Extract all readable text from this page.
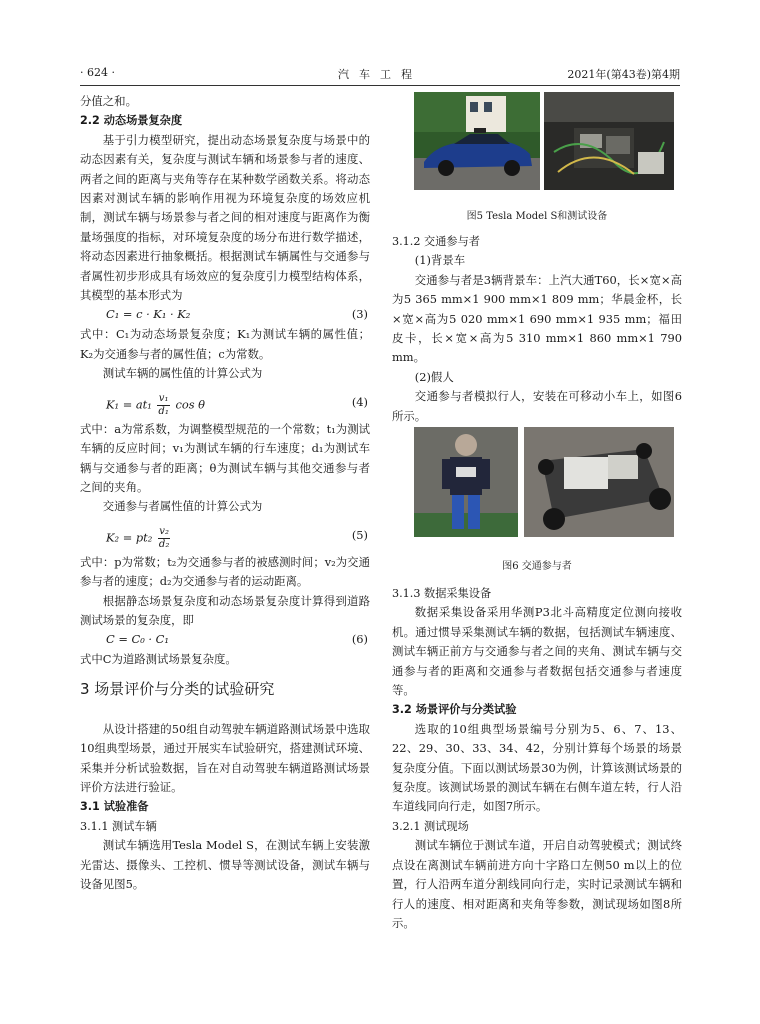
· 624 ·	汽车工程	2021年(第43卷)第4期
分值之和。
2.2 动态场景复杂度
基于引力模型研究，提出动态场景复杂度与场景中的动态因素有关，复杂度与测试车辆和场景参与者的速度、两者之间的距离与夹角等存在某种数学函数关系。将动态因素对测试车辆的影响作用视为环境复杂度的场效应机制，测试车辆与场景参与者之间的相对速度与距离作为衡量场强度的指标，对环境复杂度的场分布进行数学描述，将动态因素进行抽象概括。根据测试车辆属性与交通参与者属性初步形成具有场效应的复杂度引力模型结构体系，其模型的基本形式为
C₁ = c · K₁ · K₂	(3)
式中：C₁为动态场景复杂度；K₁为测试车辆的属性值；K₂为交通参与者的属性值；c为常数。
测试车辆的属性值的计算公式为
$K_1 = at_1 \frac{\text{v₁}}{\text{d₁}}$ cos θ	(4)
式中：a为常系数，为调整模型规范的一个常数；t₁为测试车辆的反应时间；v₁为测试车辆的行车速度；d₁为测试车辆与交通参与者的距离；θ为测试车辆与其他交通参与者之间的夹角。
交通参与者属性值的计算公式为
$K_2 = pt_2 \frac{\text{v₂}}{\text{d₂}}$	(5)
式中：p为常数；t₂为交通参与者的被感测时间；v₂为交通参与者的速度；d₂为交通参与者的运动距离。
根据静态场景复杂度和动态场景复杂度计算得到道路测试场景的复杂度，即
C = C₀ · C₁	(6)
式中C为道路测试场景复杂度。
3 场景评价与分类的试验研究
从设计搭建的50组自动驾驶车辆道路测试场景中选取10组典型场景，通过开展实车试验研究，搭建测试环境、采集并分析试验数据，旨在对自动驾驶车辆道路测试场景评价方法进行验证。
3.1 试验准备
3.1.1 测试车辆
测试车辆选用Tesla Model S，在测试车辆上安装激光雷达、摄像头、工控机、惯导等测试设备，测试车辆与设备见图5。
图5 Tesla Model S和测试设备
3.1.2 交通参与者
(1)背景车
交通参与者是3辆背景车：上汽大通T60，长×宽×高为5 365 mm×1 900 mm×1 809 mm；华晨金杯，长×宽×高为5 020 mm×1 690 mm×1 935 mm；福田皮卡，长×宽×高为5 310 mm×1 860 mm×1 790 mm。
(2)假人
交通参与者模拟行人，安装在可移动小车上，如图6所示。
图6 交通参与者
3.1.3 数据采集设备
数据采集设备采用华测P3北斗高精度定位测向接收机。通过惯导采集测试车辆的数据，包括测试车辆速度、测试车辆正前方与交通参与者之间的夹角、测试车辆与交通参与者的距离和交通参与者数据包括交通参与者速度等。
3.2 场景评价与分类试验
选取的10组典型场景编号分别为5、6、7、13、22、29、30、33、34、42，分别计算每个场景的场景复杂度分值。下面以测试场景30为例，计算该测试场景的复杂度。该测试场景的测试车辆在右侧车道左转，行人沿车道线同向行走，如图7所示。
3.2.1 测试现场
测试车辆位于测试车道，开启自动驾驶模式；测试终点设在离测试车辆前进方向十字路口左侧50 m以上的位置，行人沿两车道分割线同向行走，实时记录测试车辆和行人的速度、相对距离和夹角等参数，测试现场如图8所示。
